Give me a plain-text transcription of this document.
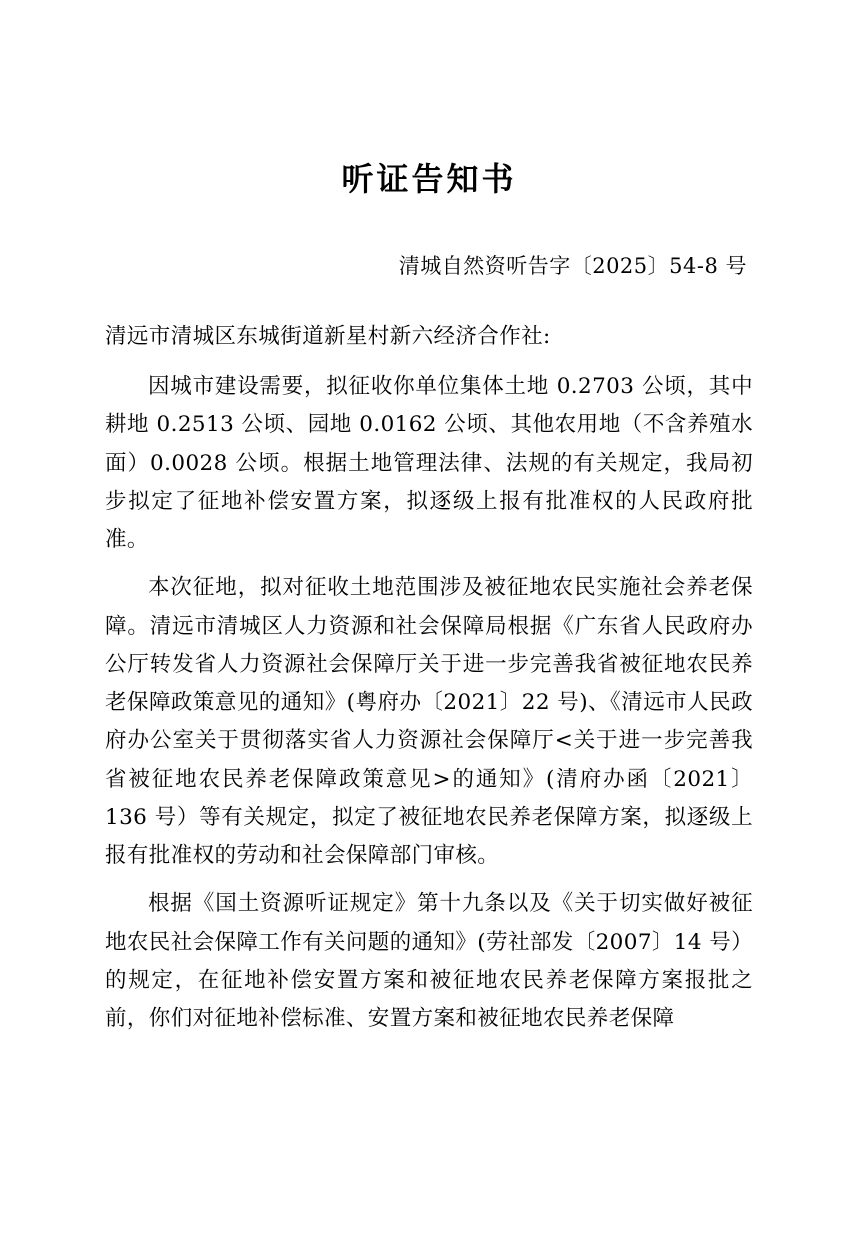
听证告知书
清城自然资听告字〔2025〕54-8 号
清远市清城区东城街道新星村新六经济合作社:

因城市建设需要，拟征收你单位集体土地 0.2703 公顷，其中耕地 0.2513 公顷、园地 0.0162 公顷、其他农用地（不含养殖水面）0.0028 公顷。根据土地管理法律、法规的有关规定，我局初步拟定了征地补偿安置方案，拟逐级上报有批准权的人民政府批准。

本次征地，拟对征收土地范围涉及被征地农民实施社会养老保障。清远市清城区人力资源和社会保障局根据《广东省人民政府办公厅转发省人力资源社会保障厅关于进一步完善我省被征地农民养老保障政策意见的通知》(粤府办〔2021〕22 号)、《清远市人民政府办公室关于贯彻落实省人力资源社会保障厅<关于进一步完善我省被征地农民养老保障政策意见>的通知》(清府办函〔2021〕136 号）等有关规定，拟定了被征地农民养老保障方案，拟逐级上报有批准权的劳动和社会保障部门审核。

根据《国土资源听证规定》第十九条以及《关于切实做好被征地农民社会保障工作有关问题的通知》(劳社部发〔2007〕14 号）的规定，在征地补偿安置方案和被征地农民养老保障方案报批之前，你们对征地补偿标准、安置方案和被征地农民养老保障
